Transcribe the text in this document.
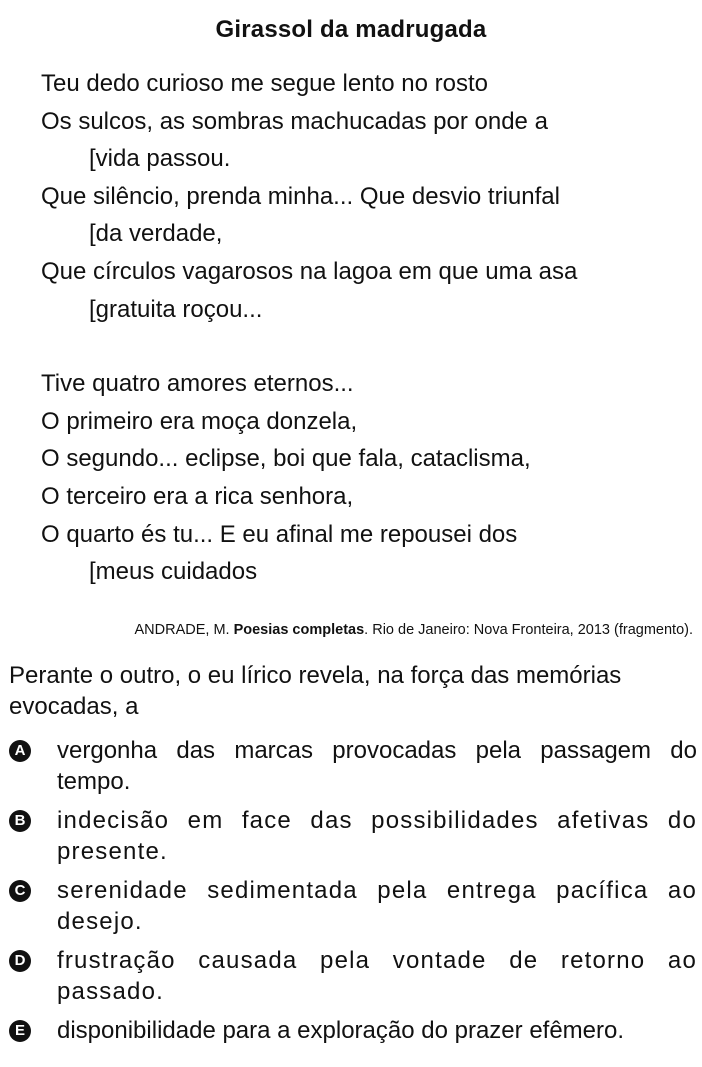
Girassol da madrugada
Teu dedo curioso me segue lento no rosto
Os sulcos, as sombras machucadas por onde a
[vida passou.
Que silêncio, prenda minha... Que desvio triunfal
[da verdade,
Que círculos vagarosos na lagoa em que uma asa
[gratuita roçou...
Tive quatro amores eternos...
O primeiro era moça donzela,
O segundo... eclipse, boi que fala, cataclisma,
O terceiro era a rica senhora,
O quarto és tu... E eu afinal me repousei dos
[meus cuidados
ANDRADE, M. Poesias completas. Rio de Janeiro: Nova Fronteira, 2013 (fragmento).
Perante o outro, o eu lírico revela, na força das memórias evocadas, a
A vergonha das marcas provocadas pela passagem do tempo.
B indecisão em face das possibilidades afetivas do presente.
C serenidade sedimentada pela entrega pacífica ao desejo.
D frustração causada pela vontade de retorno ao passado.
E disponibilidade para a exploração do prazer efêmero.
